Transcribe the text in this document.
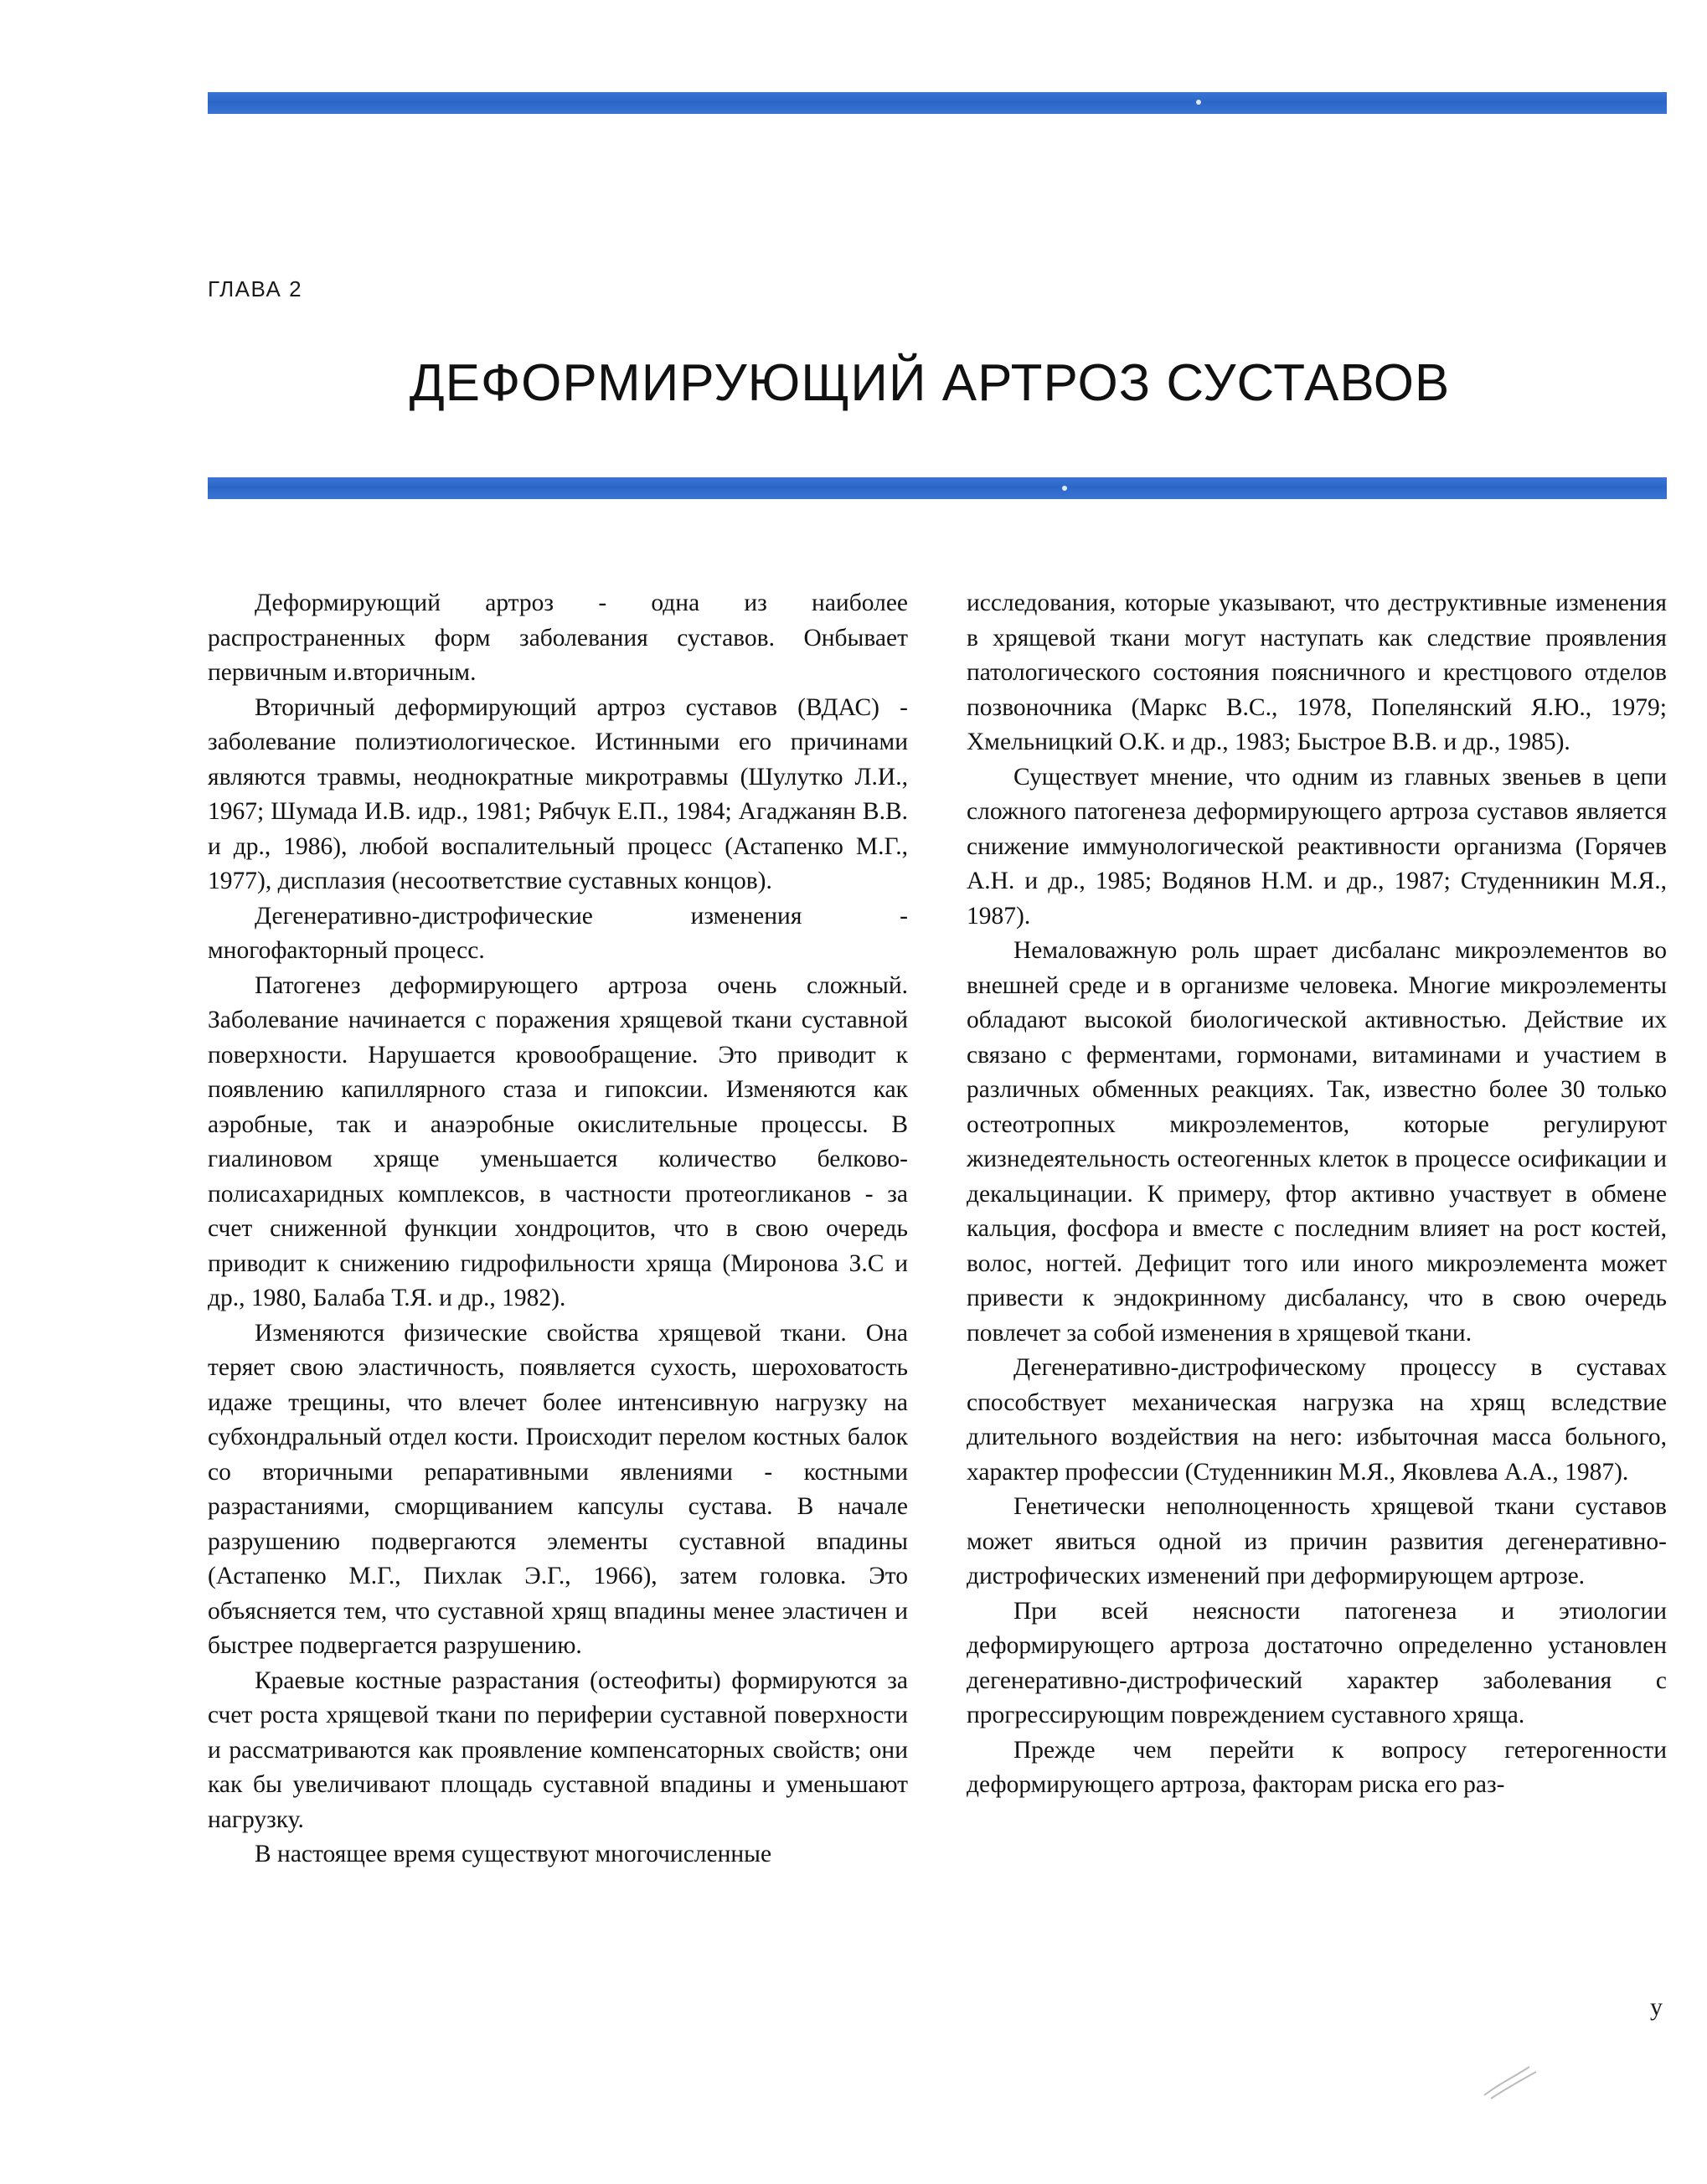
ГЛАВА 2
ДЕФОРМИРУЮЩИЙ АРТРОЗ СУСТАВОВ

Деформирующий артроз - одна из наиболее распространенных форм заболевания суставов. Онбывает первичным и.вторичным.

Вторичный деформирующий артроз суставов (ВДАС) - заболевание полиэтиологическое. Истинными его причинами являются травмы, неоднократные микротравмы (Шулутко Л.И., 1967; Шумада И.В. идр., 1981; Рябчук Е.П., 1984; Агаджанян В.В. и др., 1986), любой воспалительный процесс (Астапенко М.Г., 1977), дисплазия (несоответствие суставных концов).

Дегенеративно-дистрофические изменения - многофакторный процесс.

Патогенез деформирующего артроза очень сложный. Заболевание начинается с поражения хрящевой ткани суставной поверхности. Нарушается кровообращение. Это приводит к появлению капиллярного стаза и гипоксии. Изменяются как аэробные, так и анаэробные окислительные процессы. В гиалиновом хряще уменьшается количество белково-полисахаридных комплексов, в частности протеогликанов - за счет сниженной функции хондроцитов, что в свою очередь приводит к снижению гидрофильности хряща (Миронова З.С и др., 1980, Балаба Т.Я. и др., 1982).

Изменяются физические свойства хрящевой ткани. Она теряет свою эластичность, появляется сухость, шероховатость идаже трещины, что влечет более интенсивную нагрузку на субхондральный отдел кости. Происходит перелом костных балок со вторичными репаративными явлениями - костными разрастаниями, сморщиванием капсулы сустава. В начале разрушению подвергаются элементы суставной впадины (Астапенко М.Г., Пихлак Э.Г., 1966), затем головка. Это объясняется тем, что суставной хрящ впадины менее эластичен и быстрее подвергается разрушению.

Краевые костные разрастания (остеофиты) формируются за счет роста хрящевой ткани по периферии суставной поверхности и рассматриваются как проявление компенсаторных свойств; они как бы увеличивают площадь суставной впадины и уменьшают нагрузку.

В настоящее время существуют многочисленные

исследования, которые указывают, что деструктивные изменения в хрящевой ткани могут наступать как следствие проявления патологического состояния поясничного и крестцового отделов позвоночника (Маркс В.С., 1978, Попелянский Я.Ю., 1979; Хмельницкий О.К. и др., 1983; Быстрое В.В. и др., 1985).

Существует мнение, что одним из главных звеньев в цепи сложного патогенеза деформирующего артроза суставов является снижение иммунологической реактивности организма (Горячев А.Н. и др., 1985; Водянов Н.М. и др., 1987; Студенникин М.Я., 1987).

Немаловажную роль шрает дисбаланс микроэлементов во внешней среде и в организме человека. Многие микроэлементы обладают высокой биологической активностью. Действие их связано с ферментами, гормонами, витаминами и участием в различных обменных реакциях. Так, известно более 30 только остеотропных микроэлементов, которые регулируют жизнедеятельность остеогенных клеток в процессе осификации и декальцинации. К примеру, фтор активно участвует в обмене кальция, фосфора и вместе с последним влияет на рост костей, волос, ногтей. Дефицит того или иного микроэлемента может привести к эндокринному дисбалансу, что в свою очередь повлечет за собой изменения в хрящевой ткани.

Дегенеративно-дистрофическому процессу в суставах способствует механическая нагрузка на хрящ вследствие длительного воздействия на него: избыточная масса больного, характер профессии (Студенникин М.Я., Яковлева А.А., 1987).

Генетически неполноценность хрящевой ткани суставов может явиться одной из причин развития дегенеративно-дистрофических изменений при деформирующем артрозе.

При всей неясности патогенеза и этиологии деформирующего артроза достаточно определенно установлен дегенеративно-дистрофический характер заболевания с прогрессирующим повреждением суставного хряща.

Прежде чем перейти к вопросу гетерогенности деформирующего артроза, факторам риска его раз-

у
